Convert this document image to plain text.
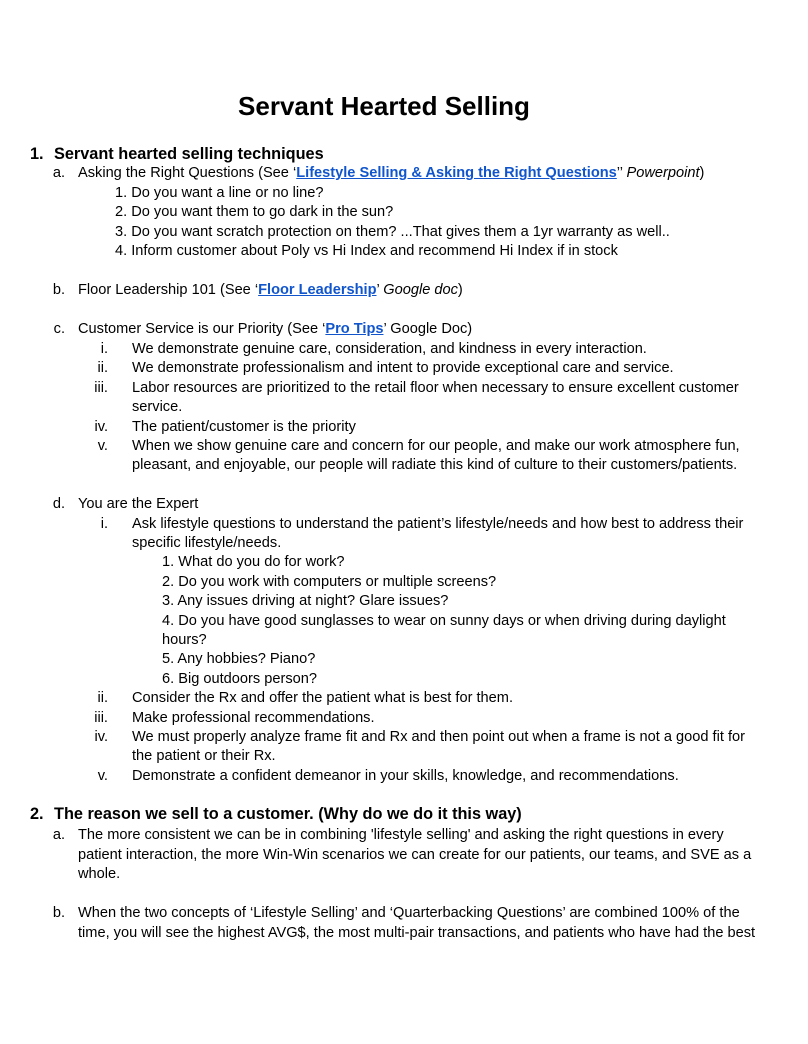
Servant Hearted Selling
1. Servant hearted selling techniques
a. Asking the Right Questions (See ‘Lifestyle Selling & Asking the Right Questions’’ Powerpoint)
1. Do you want a line or no line?
2. Do you want them to go dark in the sun?
3. Do you want scratch protection on them? ...That gives them a 1yr warranty as well..
4. Inform customer about Poly vs Hi Index and recommend Hi Index if in stock
b. Floor Leadership 101 (See ‘Floor Leadership’ Google doc)
c. Customer Service is our Priority (See ‘Pro Tips’ Google Doc)
i. We demonstrate genuine care, consideration, and kindness in every interaction.
ii. We demonstrate professionalism and intent to provide exceptional care and service.
iii. Labor resources are prioritized to the retail floor when necessary to ensure excellent customer
service.
iv. The patient/customer is the priority
v. When we show genuine care and concern for our people, and make our work atmosphere fun,
pleasant, and enjoyable, our people will radiate this kind of culture to their customers/patients.
d. You are the Expert
i. Ask lifestyle questions to understand the patient’s lifestyle/needs and how best to address their
specific lifestyle/needs.
1. What do you do for work?
2. Do you work with computers or multiple screens?
3. Any issues driving at night? Glare issues?
4. Do you have good sunglasses to wear on sunny days or when driving during daylight
hours?
5. Any hobbies? Piano?
6. Big outdoors person?
ii. Consider the Rx and offer the patient what is best for them.
iii. Make professional recommendations.
iv. We must properly analyze frame fit and Rx and then point out when a frame is not a good fit for
the patient or their Rx.
v. Demonstrate a confident demeanor in your skills, knowledge, and recommendations.
2. The reason we sell to a customer. (Why do we do it this way)
a. The more consistent we can be in combining 'lifestyle selling' and asking the right questions in every
patient interaction, the more Win-Win scenarios we can create for our patients, our teams, and SVE as a
whole.
b. When the two concepts of ‘Lifestyle Selling’ and ‘Quarterbacking Questions’ are combined 100% of the
time, you will see the highest AVG$, the most multi-pair transactions, and patients who have had the best
